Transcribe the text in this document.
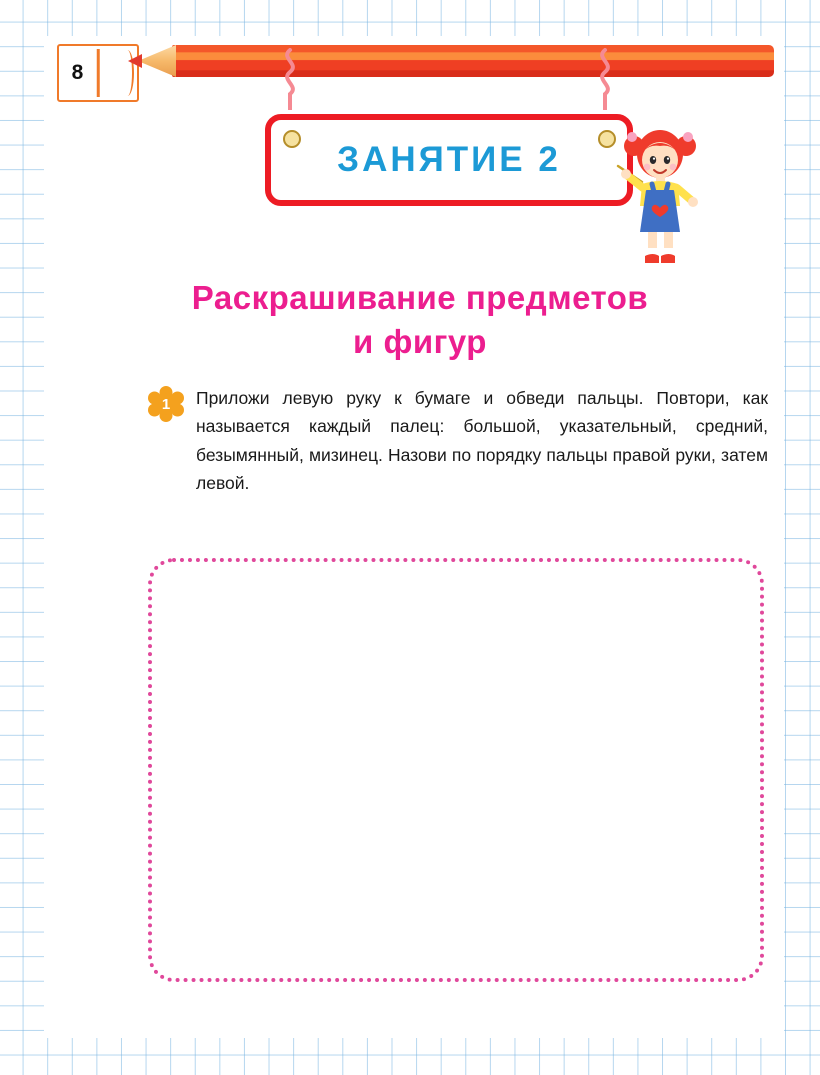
8
ЗАНЯТИЕ 2
Раскрашивание предметов
и фигур
1	Приложи левую руку к бумаге и обведи пальцы. Повтори, как называется каждый палец: большой, указательный, средний, безымянный, мизинец. Назови по порядку пальцы правой руки, затем левой.
